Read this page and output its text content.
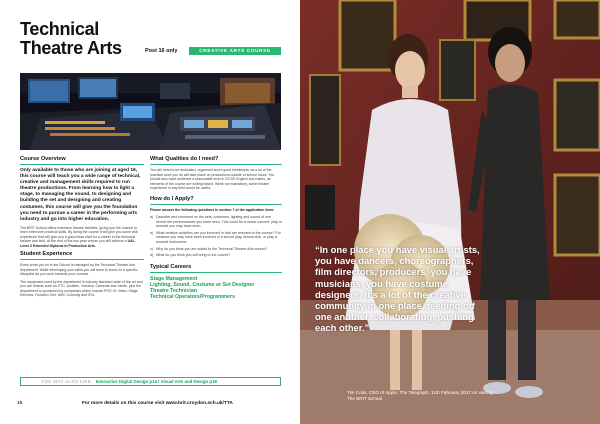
Technical Theatre Arts	Post 16 only	CREATIVE ARTS COURSE
Course Overview
Only available to those who are joining at aged 16, this course will teach you a wide range of technical, creative and management skills required to run theatre productions. From learning how to light a stage, to managing the sound, to designing and building the set and designing and creating costumes, this course will give you the foundation you need to pursue a career in the performing arts industry and go into higher education.
The BRIT School offers extensive theatre facilities, giving you the chance to learn extensive practical skills. By doing the course it will give you some real experience that will give you a good head start for a career in the technical theatre arts field. At the end of the two year course you will achieve a UAL Level 3 Extended Diploma in Production Arts.
Student Experience
Every show put on in the School is managed by the Technical Theatre Arts department. While developing your skills you will learn to focus on a specific discipline as you work towards your courses.
The equipment used by the department is industry standard state of the art and you use brands such as ETC, Avolites, Yamaha, Cameras and Jands, plus the department is sponsored by companies which include PRG XL Video, Stage Electrics, Funktion One, AMC Connolly and ESL.
What Qualities do I need?
You will need to be dedicated, organised and a good timekeeper as a lot of the practical work you do will take place on productions outside of school hours. You should also have achieved a reasonable level in GCSE English and maths, as elements of the course are writing based. While not mandatory, some theatre experience in any field would be useful.
How do I Apply?
Please answer the following questions in section 7 of the application form:
a) Describe and comment on the sets, costumes, lighting and sound of one recent live performances you have seen. This could be a music concert, play or musical you may have seen.
b) What creative activities are you involved in that are relevant to the course? For instance you may have been involved in a school play, drama club, or play a musical instrument.
c) Why do you think you are suited to the Technical Theatre Arts course?
d) What do you think you will bring to the course?
Typical Careers
Stage Management
Lighting, Sound, Costume or Set Designer
Theatre Technician
Technical Operators/Programmers
YOU MAY ALSO LIKE: Interactive Digital Design p14 / Visual Arts and Design p18
16	For more details on this course visit www.brit.croydon.sch.uk/TTA
“In one place you have visual artists, you have dancers, choreographers, film directors, producers, you have musicians, you have costume designers. It’s a lot of the creative community in one place, feeding off one another, collaborating, pushing each other.”
Tim Cook, CEO of Apple, The Telegraph, 11th February 2017 on visiting The BRIT School
